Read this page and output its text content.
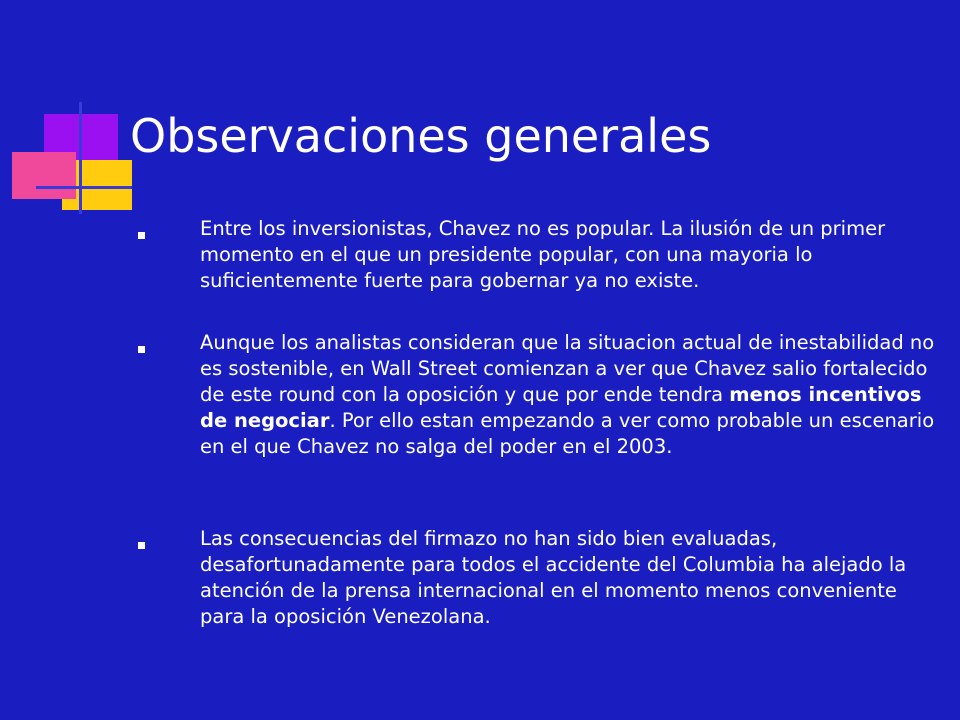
Observaciones generales
Entre los inversionistas, Chavez no es popular. La ilusión de un primer momento en el que un presidente popular, con una mayoria lo suficientemente fuerte para gobernar ya no existe.
Aunque los analistas consideran que la situacion actual de inestabilidad no es sostenible, en Wall Street comienzan a ver que Chavez salio fortalecido de este round con la oposición y que por ende tendra menos incentivos de negociar. Por ello estan empezando a ver como probable un escenario en el que Chavez no salga del poder en el 2003.
Las consecuencias del firmazo no han sido bien evaluadas, desafortunadamente para todos el accidente del Columbia ha alejado la atención de la prensa internacional en el momento menos conveniente para la oposición Venezolana.
